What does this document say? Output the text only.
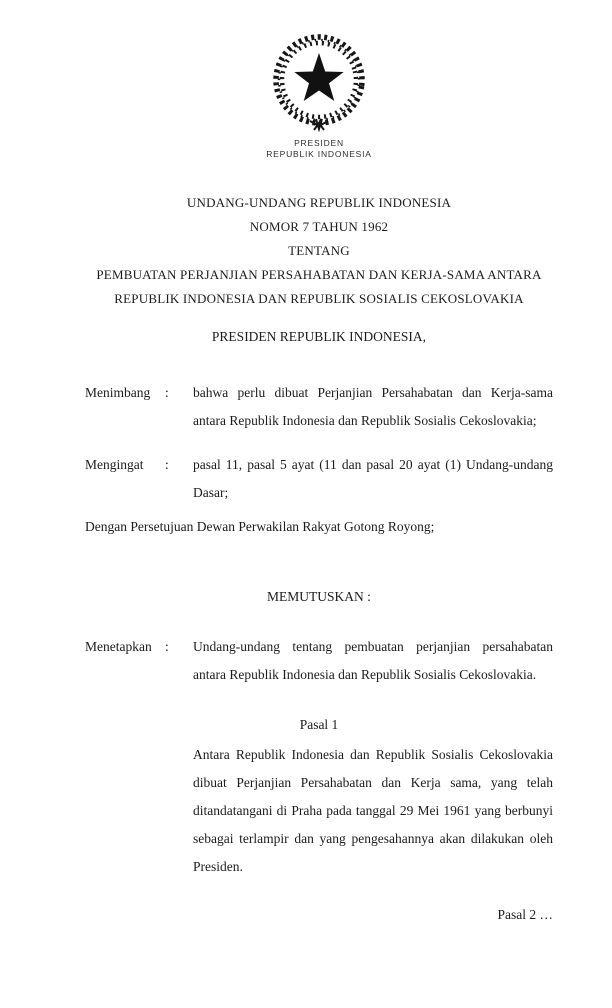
PRESIDEN
REPUBLIK INDONESIA
UNDANG-UNDANG REPUBLIK INDONESIA
NOMOR 7 TAHUN 1962
TENTANG
PEMBUATAN PERJANJIAN PERSAHABATAN DAN KERJA-SAMA ANTARA
REPUBLIK INDONESIA DAN REPUBLIK SOSIALIS CEKOSLOVAKIA
PRESIDEN REPUBLIK INDONESIA,
Menimbang	:	bahwa perlu dibuat Perjanjian Persahabatan dan Kerja-sama antara Republik Indonesia dan Republik Sosialis Cekoslovakia;
Mengingat	:	pasal 11, pasal 5 ayat (11 dan pasal 20 ayat (1) Undang-undang Dasar;
Dengan Persetujuan Dewan Perwakilan Rakyat Gotong Royong;
MEMUTUSKAN :
Menetapkan :	Undang-undang tentang pembuatan perjanjian persahabatan antara Republik Indonesia dan Republik Sosialis Cekoslovakia.
Pasal 1
Antara Republik Indonesia dan Republik Sosialis Cekoslovakia dibuat Perjanjian Persahabatan dan Kerja sama, yang telah ditandatangani di Praha pada tanggal 29 Mei 1961 yang berbunyi sebagai terlampir dan yang pengesahannya akan dilakukan oleh Presiden.
Pasal 2 …
